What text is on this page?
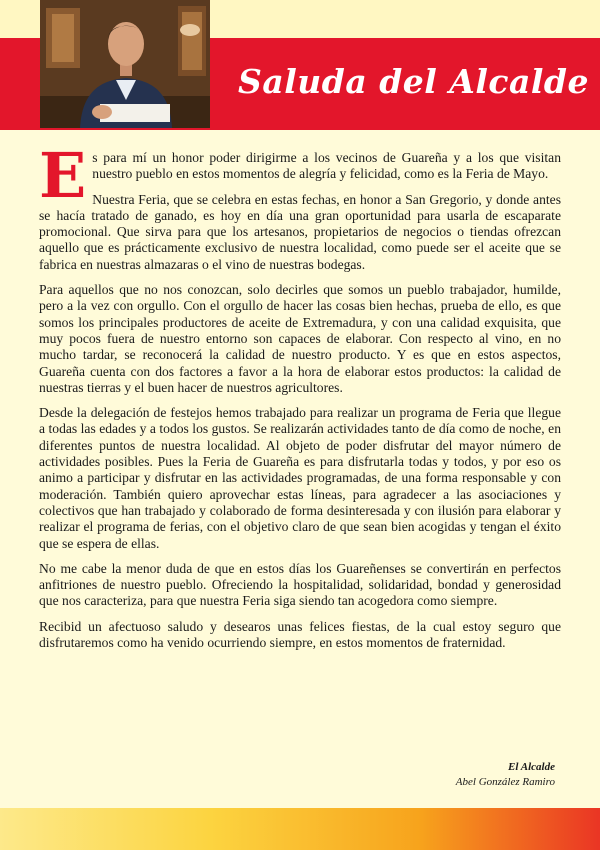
Saluda del Alcalde

Es para mí un honor poder dirigirme a los vecinos de Guareña y a los que visitan nuestro pueblo en estos momentos de alegría y felicidad, como es la Feria de Mayo.

Nuestra Feria, que se celebra en estas fechas, en honor a San Gregorio, y donde antes se hacía tratado de ganado, es hoy en día una gran oportunidad para usarla de escaparate promocional. Que sirva para que los artesanos, propietarios de negocios o tiendas ofrezcan aquello que es prácticamente exclusivo de nuestra localidad, como puede ser el aceite que se fabrica en nuestras almazaras o el vino de nuestras bodegas.

Para aquellos que no nos conozcan, solo decirles que somos un pueblo trabajador, humilde, pero a la vez con orgullo. Con el orgullo de hacer las cosas bien hechas, prueba de ello, es que somos los principales productores de aceite de Extremadura, y con una calidad exquisita, que muy pocos fuera de nuestro entorno son capaces de elaborar. Con respecto al vino, en no mucho tardar, se reconocerá la calidad de nuestro producto. Y es que en estos aspectos, Guareña cuenta con dos factores a favor a la hora de elaborar estos productos: la calidad de nuestras tierras y el buen hacer de nuestros agricultores.

Desde la delegación de festejos hemos trabajado para realizar un programa de Feria que llegue a todas las edades y a todos los gustos. Se realizarán actividades tanto de día como de noche, en diferentes puntos de nuestra localidad. Al objeto de poder disfrutar del mayor número de actividades posibles. Pues la Feria de Guareña es para disfrutarla todas y todos, y por eso os animo a participar y disfrutar en las actividades programadas, de una forma responsable y con moderación. También quiero aprovechar estas líneas, para agradecer a las asociaciones y colectivos que han trabajado y colaborado de forma desinteresada y con ilusión para elaborar y realizar el programa de ferias, con el objetivo claro de que sean bien acogidas y tengan el éxito que se espera de ellas.

No me cabe la menor duda de que en estos días los Guareñenses se convertirán en perfectos anfitriones de nuestro pueblo. Ofreciendo la hospitalidad, solidaridad, bondad y generosidad que nos caracteriza, para que nuestra Feria siga siendo tan acogedora como siempre.

Recibid un afectuoso saludo y desearos unas felices fiestas, de la cual estoy seguro que disfrutaremos como ha venido ocurriendo siempre, en estos momentos de fraternidad.

El Alcalde
Abel González Ramiro
